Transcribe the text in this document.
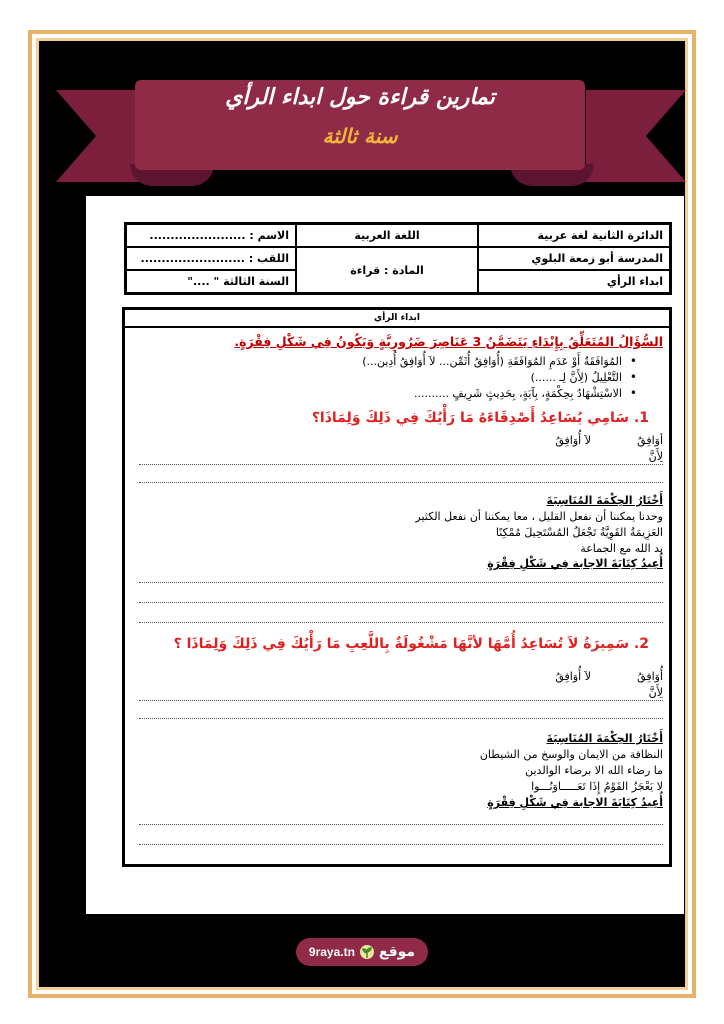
تمارين قراءة حول ابداء الرأي
سنة ثالثة
الدائرة الثانية لغة عربية	اللغة العربية	الاسم : .......................
المدرسة أبو زمعة البلوي	المادة : قراءة	اللقب : .........................
ابداء الرأي		السنة الثالثة " ...."
ابداء الرأي
السُّؤَالُ المُتَعَلِّقُ بِإِبْدَاءِ يَتَضَمَّنُ 3 عَنَاصِرَ ضَرُورِيَّةٍ وَيَكُونُ فِي شَكْلِ فِقْرَةٍ.
• المُوَافَقَةُ أَوْ عَدَمِ المُوَافَقَةِ (أُوَافِقُ أُثَمِّن... لاَ أُوَافِقُ أُدِين...)
• التَّعْلِيلُ (لِأَنَّ لِـ ......)
• الاسْتِشْهَادُ بِحِكْمَةٍ، بِآيَةٍ، بِحَدِيثٍ شَرِيفٍ ..........
1. سَامِي يُسَاعِدُ أَصْدِقَاءَهُ مَا رَأْيُكَ فِي ذَلِكَ وَلِمَاذَا؟
أوَافِقُ
لاَ أُوَافِقُ
لِأَنَّ
أَخْتَارُ الحِكْمَةَ المُنَاسِبَةَ
وحدنا يمكننا أن نفعل القليل ، معا يمكننا أن نفعل الكثير
العَزِيمَةُ القَوِيَّةُ تَجْعَلُ المُسْتَحِيلَ مُمْكِنًا
يد الله مع الجماعة
أُعِيدُ كِتَابَةَ الاجابة فِي شَكْلِ فِقْرَةٍ
2. سَمِيرَةُ لاَ تُسَاعِدُ أُمَّهَا لأنَّهَا مَشْغُولَةٌ بِاللَّعِبِ مَا رَأْيُكَ فِي ذَلِكَ وَلِمَاذَا ؟
أُوَافِقُ
لاَ أُوَافِقُ
لِأَنَّ
أَخْتَارُ الحِكْمَةَ المُنَاسِبَةَ
النظافة من الايمان والوسخ من الشيطان
ما رضاء الله الا برضاء الوالدين
لا يَعْجَزُ القَوْمُ إِذَا تَعَـــــاوَنُـــوا
أُعِيدُ كِتَابَةَ الاجابة فِي شَكْلِ فِقْرَةٍ
9raya.tn موقع
